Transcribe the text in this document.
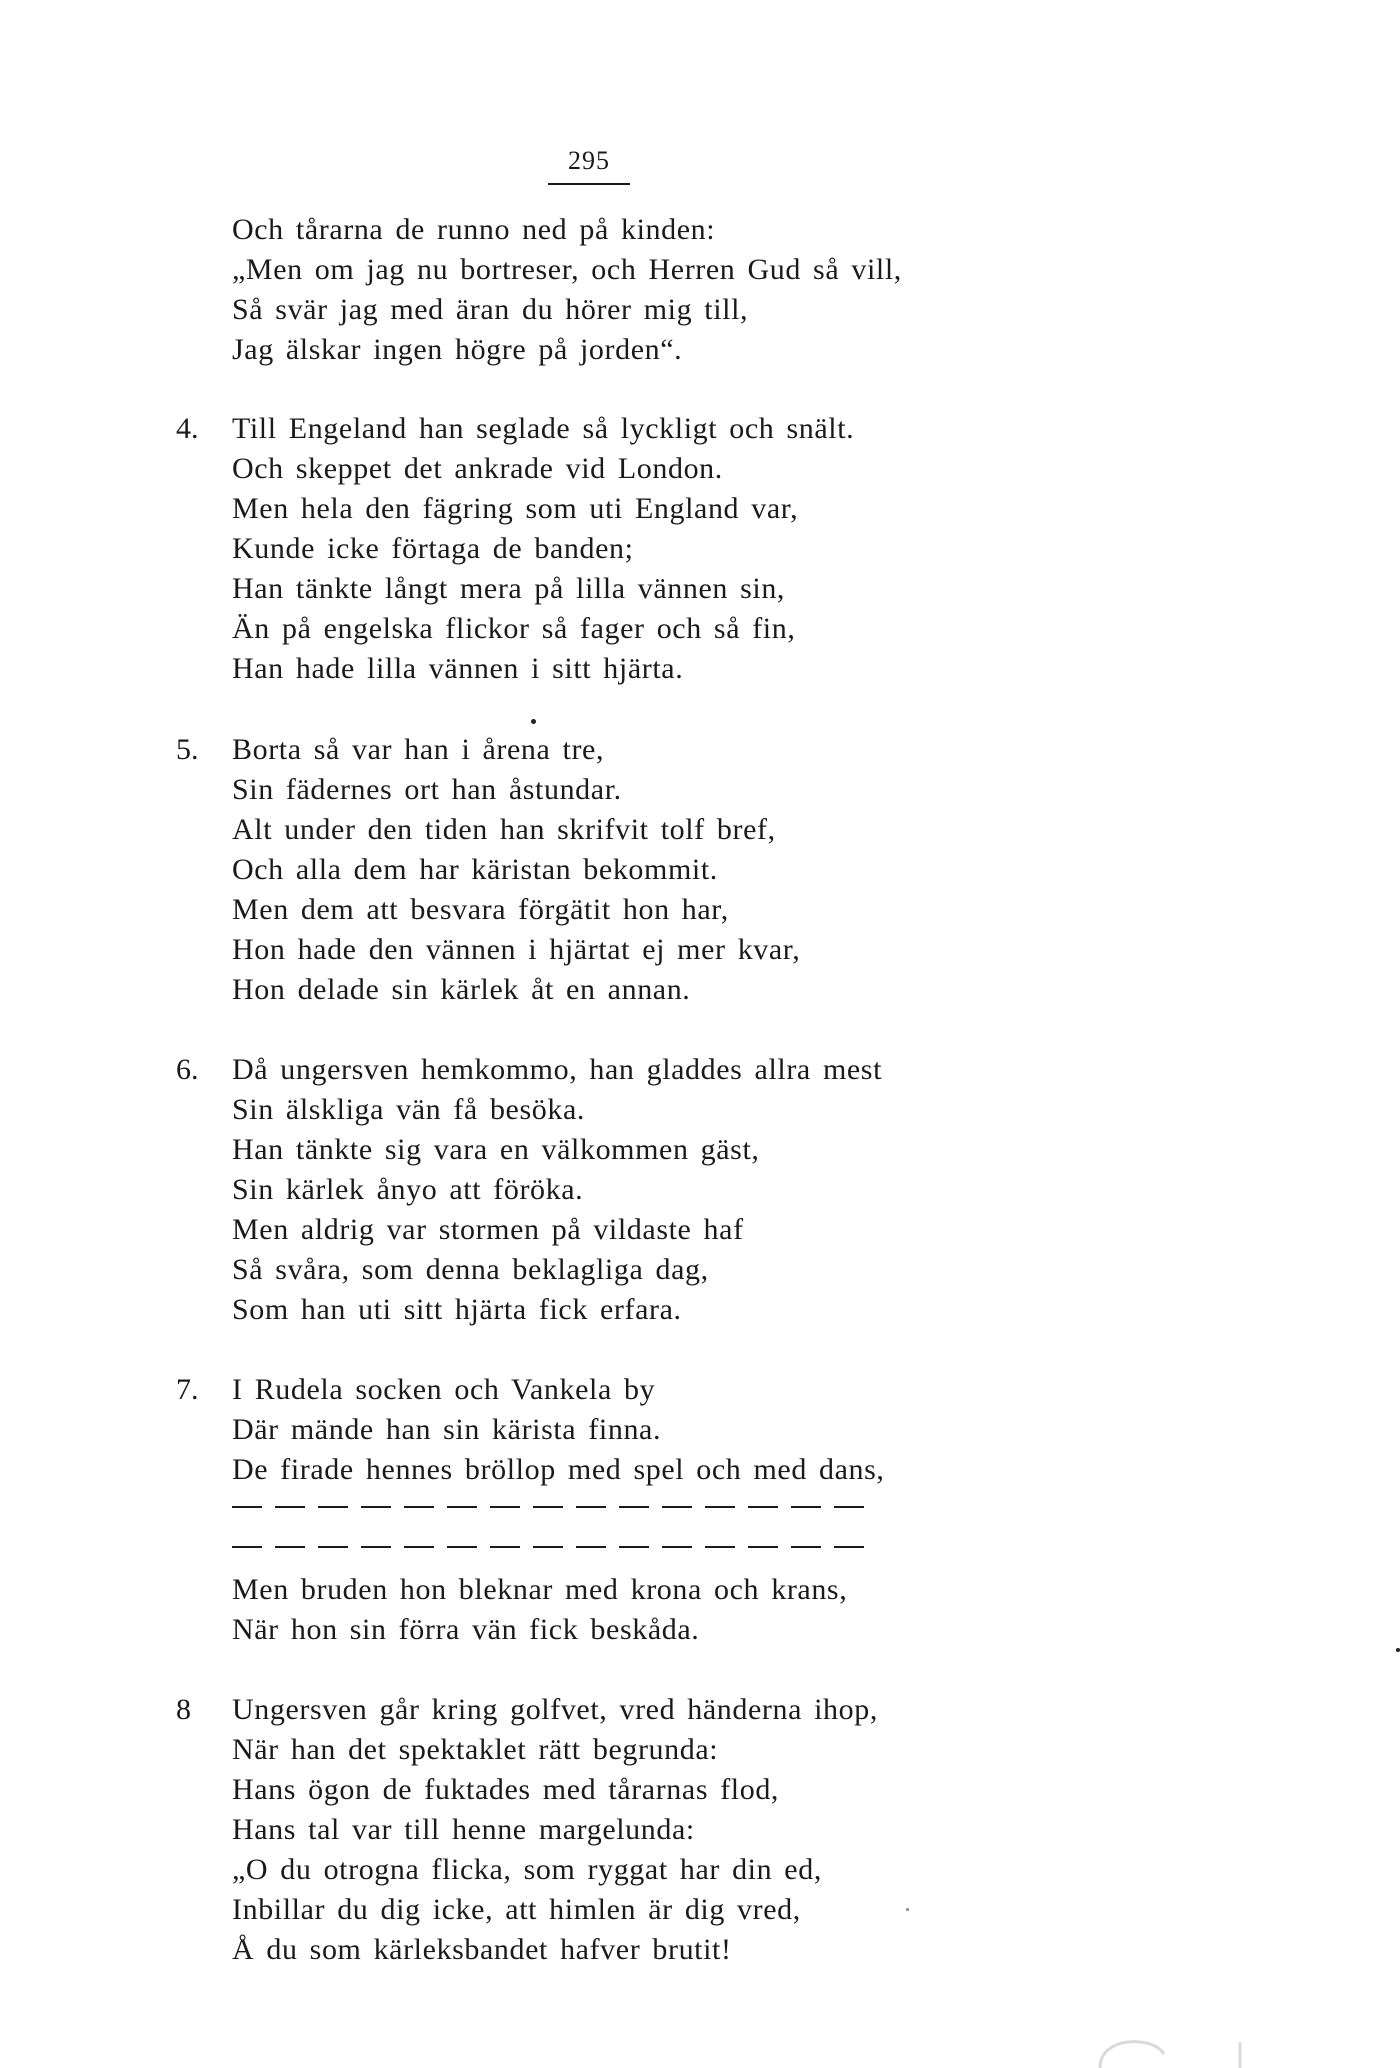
295
Och tårarna de runno ned på kinden:
„Men om jag nu bortreser, och Herren Gud så vill,
Så svär jag med äran du hörer mig till,
Jag älskar ingen högre på jorden“.
4. Till Engeland han seglade så lyckligt och snält.
Och skeppet det ankrade vid London.
Men hela den fägring som uti England var,
Kunde icke förtaga de banden;
Han tänkte långt mera på lilla vännen sin,
Än på engelska flickor så fager och så fin,
Han hade lilla vännen i sitt hjärta.
5. Borta så var han i årena tre,
Sin fädernes ort han åstundar.
Alt under den tiden han skrifvit tolf bref,
Och alla dem har käristan bekommit.
Men dem att besvara förgätit hon har,
Hon hade den vännen i hjärtat ej mer kvar,
Hon delade sin kärlek åt en annan.
6. Då ungersven hemkommo, han gladdes allra mest
Sin älskliga vän få besöka.
Han tänkte sig vara en välkommen gäst,
Sin kärlek ånyo att föröka.
Men aldrig var stormen på vildaste haf
Så svåra, som denna beklagliga dag,
Som han uti sitt hjärta fick erfara.
7. I Rudela socken och Vankela by
Där mände han sin kärista finna.
De firade hennes bröllop med spel och med dans,
Men bruden hon bleknar med krona och krans,
När hon sin förra vän fick beskåda.
8 Ungersven går kring golfvet, vred händerna ihop,
När han det spektaklet rätt begrunda:
Hans ögon de fuktades med tårarnas flod,
Hans tal var till henne margelunda:
„O du otrogna flicka, som ryggat har din ed,
Inbillar du dig icke, att himlen är dig vred,
Å du som kärleksbandet hafver brutit!
